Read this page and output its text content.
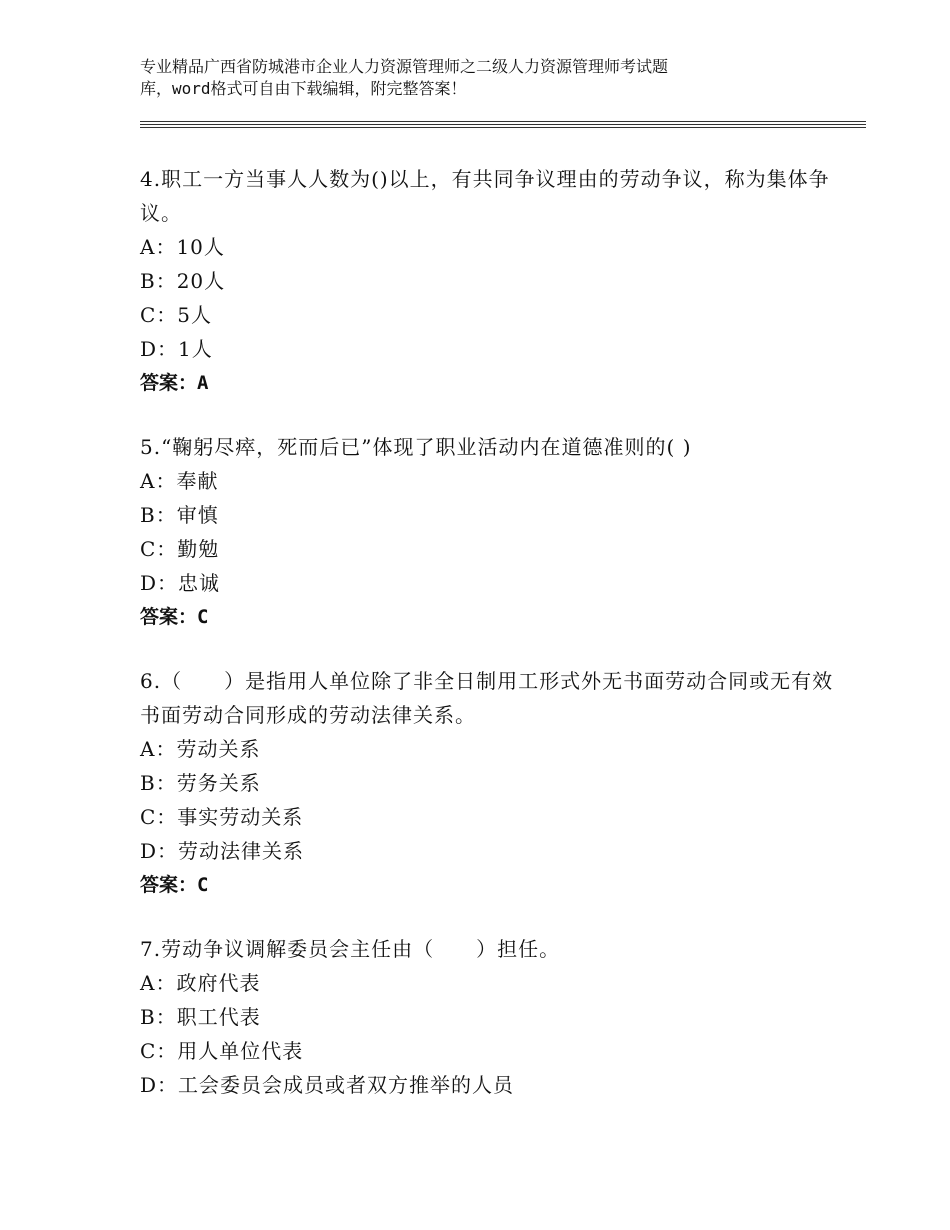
专业精品广西省防城港市企业人力资源管理师之二级人力资源管理师考试题
库，word格式可自由下载编辑，附完整答案！
4.职工一方当事人人数为()以上，有共同争议理由的劳动争议，称为集体争议。
A：10人
B：20人
C：5人
D：1人
答案：A
5.“鞠躬尽瘁，死而后已”体现了职业活动内在道德准则的( )
A：奉献
B：审慎
C：勤勉
D：忠诚
答案：C
6.（　　）是指用人单位除了非全日制用工形式外无书面劳动合同或无有效书面劳动合同形成的劳动法律关系。
A：劳动关系
B：劳务关系
C：事实劳动关系
D：劳动法律关系
答案：C
7.劳动争议调解委员会主任由（　　）担任。
A：政府代表
B：职工代表
C：用人单位代表
D：工会委员会成员或者双方推举的人员
